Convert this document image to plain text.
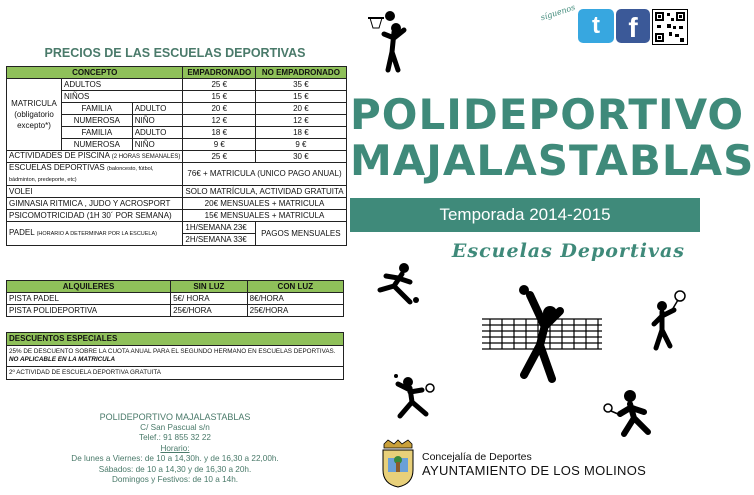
PRECIOS DE LAS ESCUELAS DEPORTIVAS
CONCEPTO			EMPADRONADO	NO EMPADRONADO
MATRICULA (obligatorio excepto*)	ADULTOS		25 €	35 €
	NIÑOS		15 €	15 €
	FAMILIA	ADULTO	20 €	20 €
	NUMEROSA	NIÑO	12 €	12 €
	FAMILIA	ADULTO	18 €	18 €
	NUMEROSA	NIÑO	9 €	9 €
ACTIVIDADES DE PISCINA (2 HORAS SEMANALES)			25 €	30 €
ESCUELAS DEPORTIVAS (baloncesto, fútbol, bádminton, predeporte, etc)			76€ + MATRICULA (UNICO PAGO ANUAL)	
VOLEI			SOLO MATRÍCULA, ACTIVIDAD GRATUITA	
GIMNASIA RITMICA , JUDO Y ACROSPORT			20€ MENSUALES + MATRICULA	
PSICOMOTRICIDAD (1H 30´ POR SEMANA)			15€ MENSUALES + MATRICULA	
PADEL (HORARIO A DETERMINAR POR LA ESCUELA)			1H/SEMANA 23€	PAGOS MENSUALES
			2H/SEMANA 33€	
ALQUILERES	SIN LUZ	CON LUZ
PISTA PADEL	5€/ HORA	8€/HORA
PISTA POLIDEPORTIVA	25€/HORA	25€/HORA
DESCUENTOS ESPECIALES
25% DE DESCUENTO SOBRE LA CUOTA ANUAL PARA EL SEGUNDO HERMANO EN ESCUELAS DEPORTIVAS. NO APLICABLE EN LA MATRICULA
2º ACTIVIDAD DE ESCUELA DEPORTIVA GRATUITA
POLIDEPORTIVO MAJALASTABLAS
C/ San Pascual s/n
Telef.: 91 855 32 22
Horario:
De lunes a Viernes: de 10 a 14,30h. y de 16,30 a 22,00h.
Sábados: de 10 a 14,30 y de 16,30 a 20h.
Domingos y Festivos: de 10 a 14h.
síguenos t	f
POLIDEPORTIVO
MAJALASTABLAS
Temporada 2014-2015
Escuelas Deportivas
Concejalía de Deportes
AYUNTAMIENTO DE LOS MOLINOS
